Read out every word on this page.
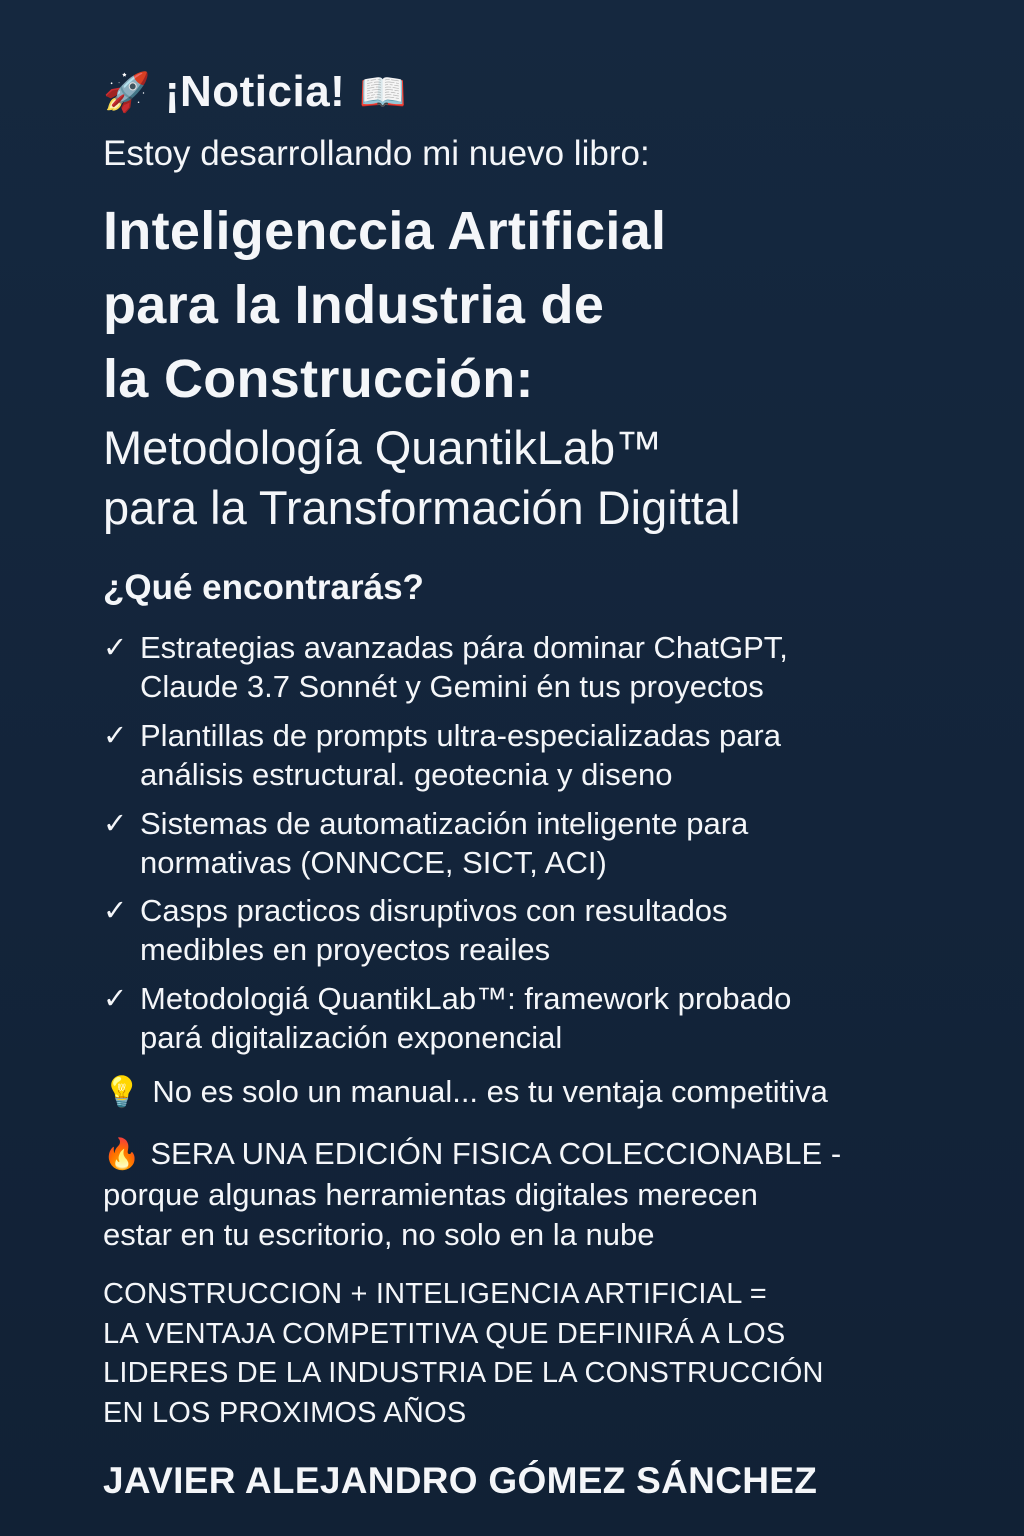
🚀 ¡Noticia! 📖
Estoy desarrollando mi nuevo libro:
Inteligenccia Artificial
para la Industria de
la Construcción:
Metodología QuantikLab™
para la Transformación Digittal
¿Qué encontrarás?
✓ Estrategias avanzadas pára dominar ChatGPT,
Claude 3.7 Sonnét y Gemini én tus proyectos
✓ Plantillas de prompts ultra-especializadas para
análisis estructural. geotecnia y diseno
✓ Sistemas de automatización inteligente para
normativas (ONNCCE, SICT, ACI)
✓ Casps practicos disruptivos con resultados
medibles en proyectos reailes
✓ Metodologiá QuantikLab™: framework probado
pará digitalización exponencial
💡 No es solo un manual... es tu ventaja competitiva
🔥 SERA UNA EDICIÓN FISICA COLECCIONABLE -
porque algunas herramientas digitales merecen
estar en tu escritorio, no solo en la nube
CONSTRUCCION + INTELIGENCIA ARTIFICIAL =
LA VENTAJA COMPETITIVA QUE DEFINIRÁ A LOS
LIDERES DE LA INDUSTRIA DE LA CONSTRUCCIÓN
EN LOS PROXIMOS AÑOS
JAVIER ALEJANDRO GÓMEZ SÁNCHEZ
